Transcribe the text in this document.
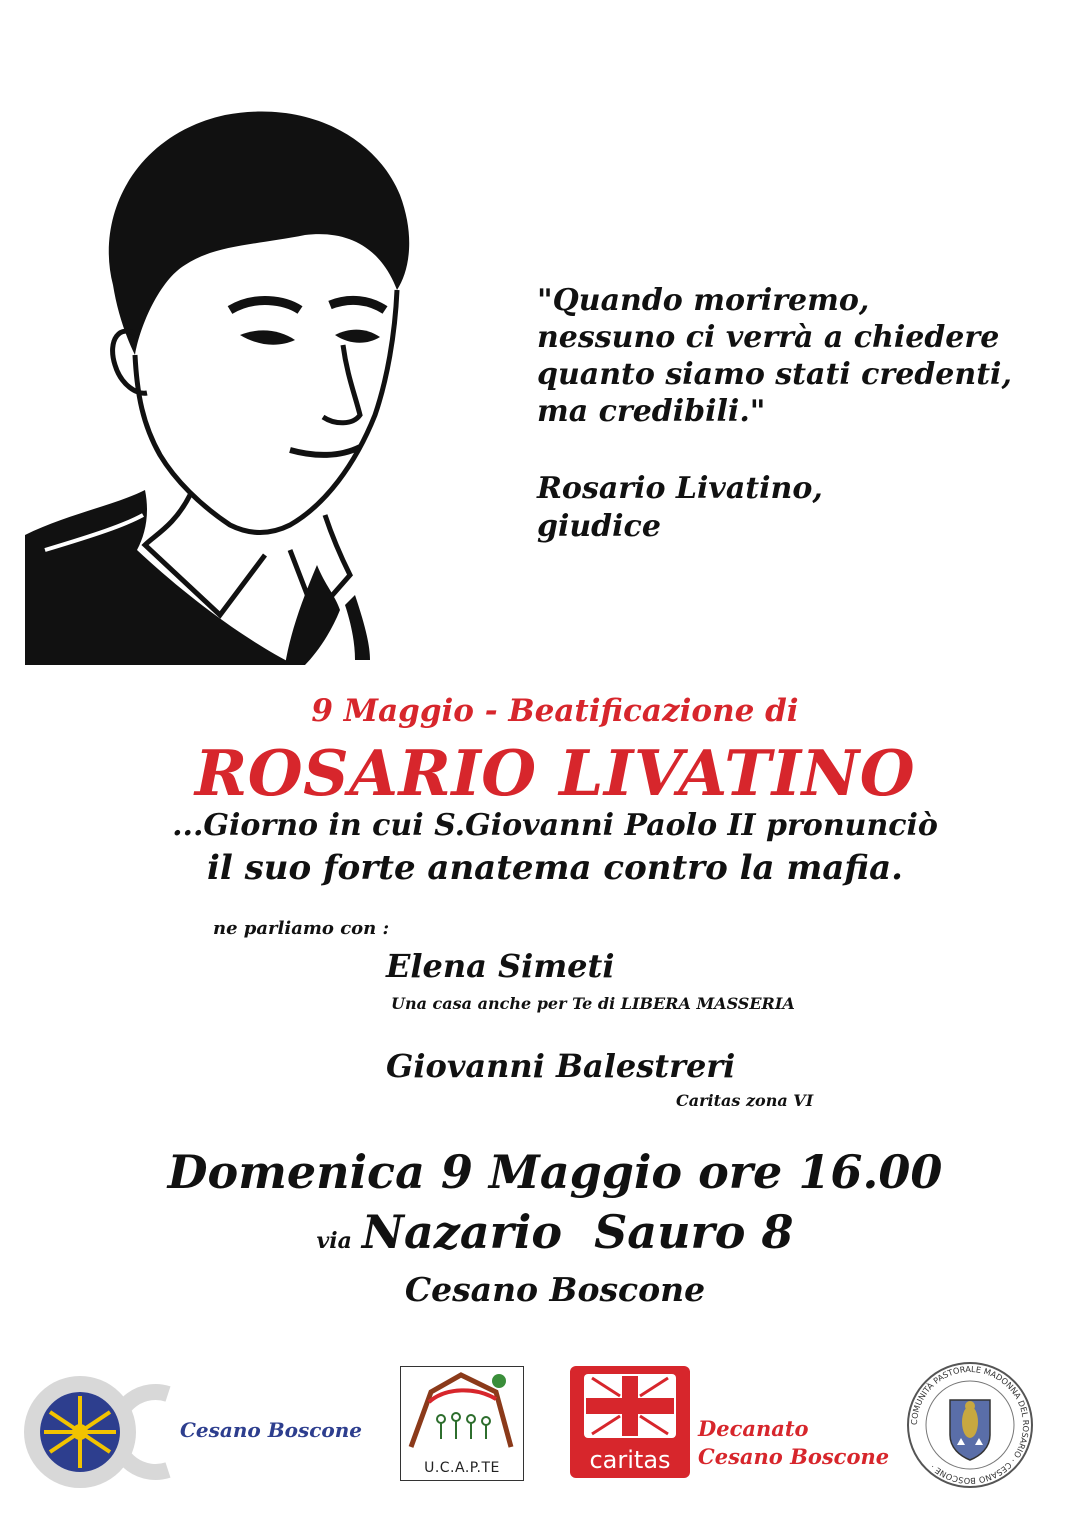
"Quando moriremo,
nessuno ci verrà a chiedere
quanto siamo stati credenti,
ma credibili."
Rosario Livatino,
giudice
9 Maggio - Beatificazione di
ROSARIO LIVATINO
...Giorno in cui S.Giovanni Paolo II pronunciò
il suo forte anatema contro la mafia.
ne parliamo con :
Elena Simeti
Una casa anche per Te di LIBERA MASSERIA
Giovanni Balestreri
Caritas zona VI
Domenica 9 Maggio ore 16.00
via Nazario  Sauro 8
Cesano Boscone
Cesano Boscone
U.C.A.P.TE	caritas
Decanato
Cesano Boscone
COMUNITÀ PASTORALE MADONNA DEL ROSARIO · CESANO BOSCONE ·
